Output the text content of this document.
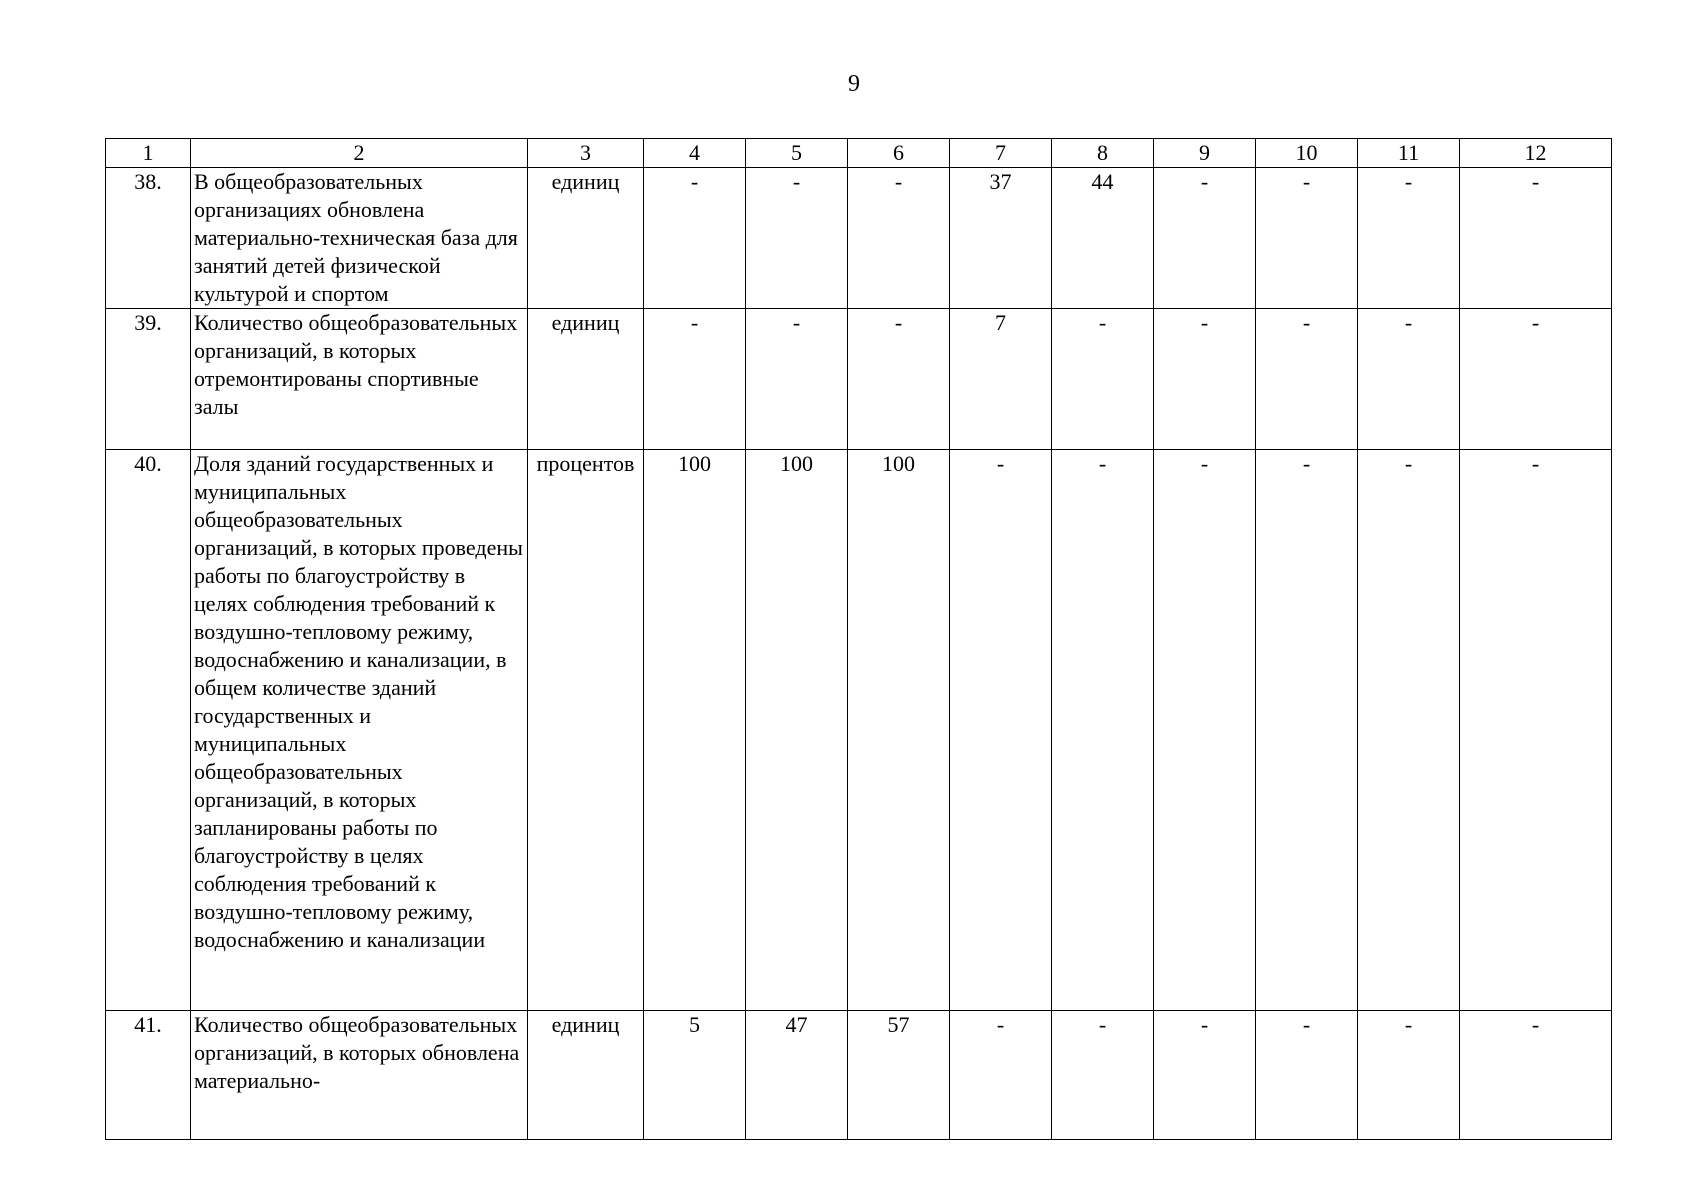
9
1	2	3	4	5	6	7	8	9	10	11	12
38.	В общеобразовательных организациях обновлена материально-техническая база для занятий детей физической культурой и спортом	единиц	-	-	-	37	44	-	-	-	-
39.	Количество общеобразовательных организаций, в которых отремонтированы спортивные залы	единиц	-	-	-	7	-	-	-	-	-
40.	Доля зданий государственных и муниципальных общеобразовательных организаций, в которых проведены работы по благоустройству в целях соблюдения требований к воздушно-тепловому режиму, водоснабжению и канализации, в общем количестве зданий государственных и муниципальных общеобразовательных организаций, в которых запланированы работы по благоустройству в целях соблюдения требований к воздушно-тепловому режиму, водоснабжению и канализации	процентов	100	100	100	-	-	-	-	-	-
41.	Количество общеобразовательных организаций, в которых обновлена материально-	единиц	5	47	57	-	-	-	-	-	-
